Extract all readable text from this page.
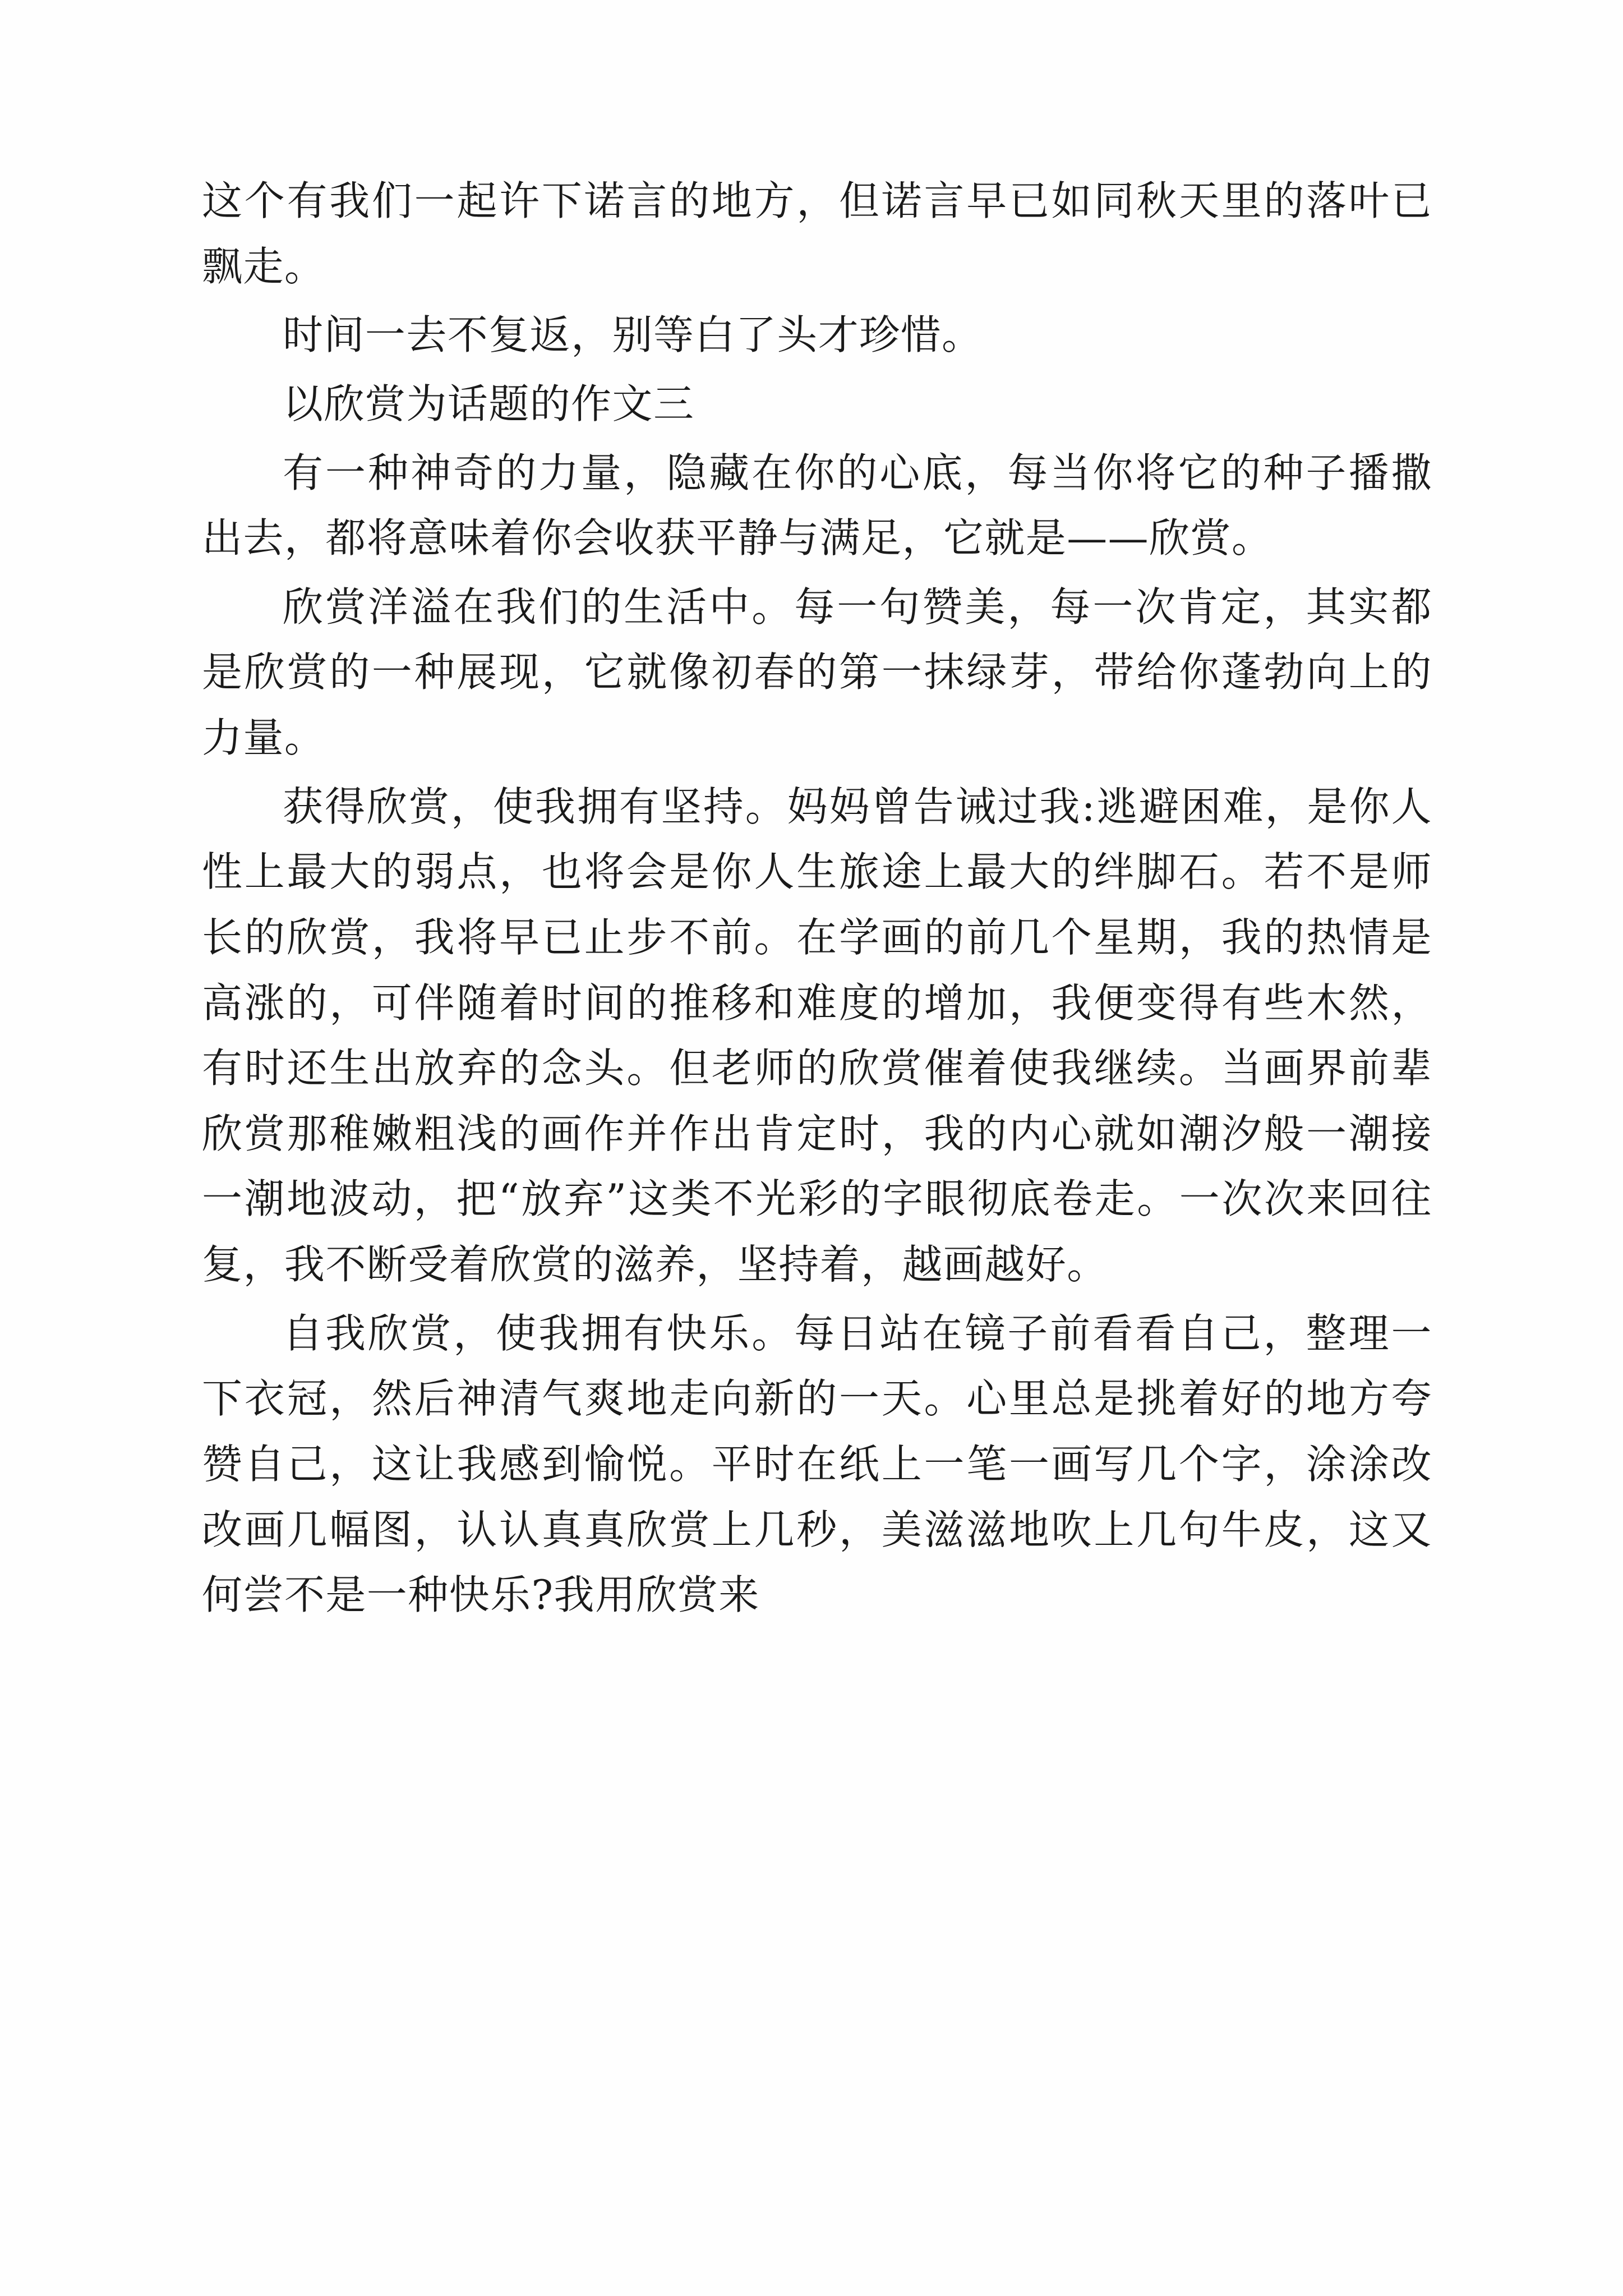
这个有我们一起许下诺言的地方，但诺言早已如同秋天里的落叶已飘走。

时间一去不复返，别等白了头才珍惜。

以欣赏为话题的作文三

有一种神奇的力量，隐藏在你的心底，每当你将它的种子播撒出去，都将意味着你会收获平静与满足，它就是——欣赏。

欣赏洋溢在我们的生活中。每一句赞美，每一次肯定，其实都是欣赏的一种展现，它就像初春的第一抹绿芽，带给你蓬勃向上的力量。

获得欣赏，使我拥有坚持。妈妈曾告诫过我:逃避困难，是你人性上最大的弱点，也将会是你人生旅途上最大的绊脚石。若不是师长的欣赏，我将早已止步不前。在学画的前几个星期，我的热情是高涨的，可伴随着时间的推移和难度的增加，我便变得有些木然，有时还生出放弃的念头。但老师的欣赏催着使我继续。当画界前辈欣赏那稚嫩粗浅的画作并作出肯定时，我的内心就如潮汐般一潮接一潮地波动，把“放弃”这类不光彩的字眼彻底卷走。一次次来回往复，我不断受着欣赏的滋养，坚持着，越画越好。

自我欣赏，使我拥有快乐。每日站在镜子前看看自己，整理一下衣冠，然后神清气爽地走向新的一天。心里总是挑着好的地方夸赞自己，这让我感到愉悦。平时在纸上一笔一画写几个字，涂涂改改画几幅图，认认真真欣赏上几秒，美滋滋地吹上几句牛皮，这又何尝不是一种快乐?我用欣赏来
